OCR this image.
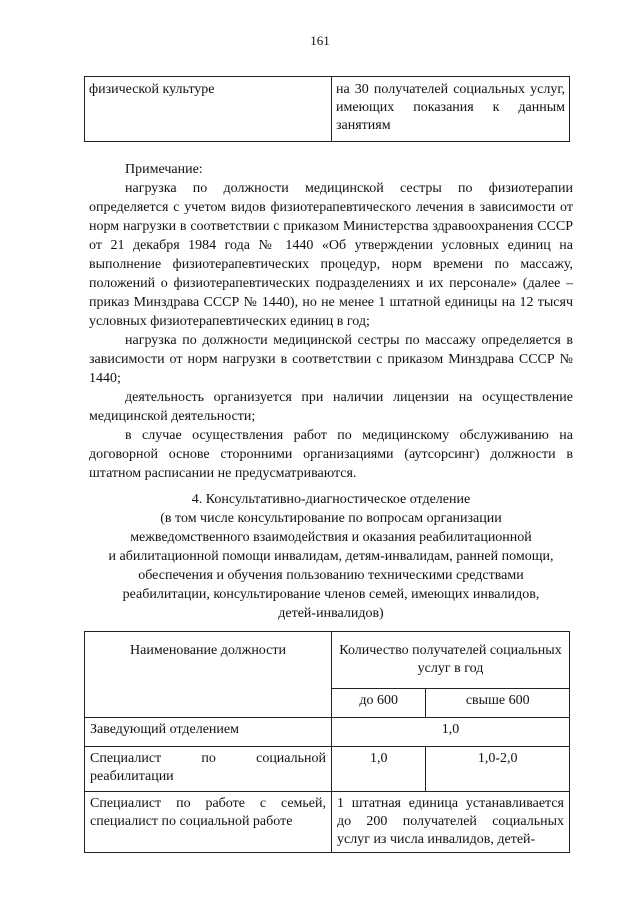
161
физической культуре	на 30 получателей социальных услуг, имеющих показания к данным занятиям

Примечание:

нагрузка по должности медицинской сестры по физиотерапии определяется с учетом видов физиотерапевтического лечения в зависимости от норм нагрузки в соответствии с приказом Министерства здравоохранения СССР от 21 декабря 1984 года № 1440 «Об утверждении условных единиц на выполнение физиотерапевтических процедур, норм времени по массажу, положений о физиотерапевтических подразделениях и их персонале» (далее – приказ Минздрава СССР № 1440), но не менее 1 штатной единицы на 12 тысяч условных физиотерапевтических единиц в год;

нагрузка по должности медицинской сестры по массажу определяется в зависимости от норм нагрузки в соответствии с приказом Минздрава СССР № 1440;

деятельность организуется при наличии лицензии на осуществление медицинской деятельности;

в случае осуществления работ по медицинскому обслуживанию на договорной основе сторонними организациями (аутсорсинг) должности в штатном расписании не предусматриваются.

4. Консультативно-диагностическое отделение
(в том числе консультирование по вопросам организации
межведомственного взаимодействия и оказания реабилитационной
и абилитационной помощи инвалидам, детям-инвалидам, ранней помощи,
обеспечения и обучения пользованию техническими средствами
реабилитации, консультирование членов семей, имеющих инвалидов,
детей-инвалидов)
Наименование должности	Количество получателей социальных услуг в год	
	до 600	свыше 600
Заведующий отделением	1,0	
Специалист по социальной реабилитации	1,0	1,0-2,0
Специалист по работе с семьей, специалист по социальной работе	1 штатная единица устанавливается до 200 получателей социальных услуг из числа инвалидов, детей-	
